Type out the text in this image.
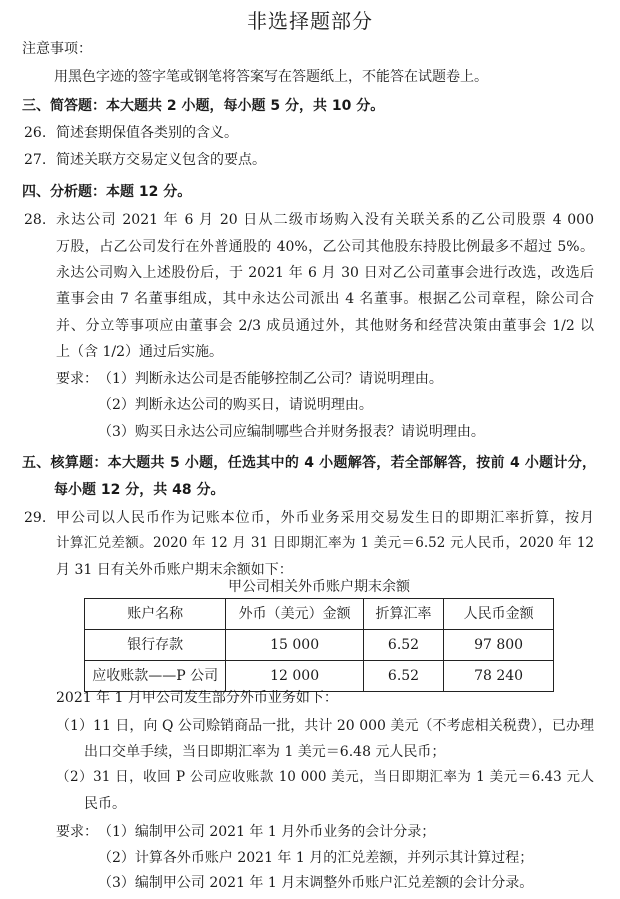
非选择题部分
注意事项：
用黑色字迹的签字笔或钢笔将答案写在答题纸上，不能答在试题卷上。
三、简答题：本大题共 2 小题，每小题 5 分，共 10 分。
26. 简述套期保值各类别的含义。
27. 简述关联方交易定义包含的要点。
四、分析题：本题 12 分。
28. 永达公司 2021 年 6 月 20 日从二级市场购入没有关联关系的乙公司股票 4 000
万股，占乙公司发行在外普通股的 40%，乙公司其他股东持股比例最多不超过 5%。
永达公司购入上述股份后，于 2021 年 6 月 30 日对乙公司董事会进行改选，改选后
董事会由 7 名董事组成，其中永达公司派出 4 名董事。根据乙公司章程，除公司合
并、分立等事项应由董事会 2/3 成员通过外，其他财务和经营决策由董事会 1/2 以
上（含 1/2）通过后实施。
要求： （1）判断永达公司是否能够控制乙公司？请说明理由。
（2）判断永达公司的购买日，请说明理由。
（3）购买日永达公司应编制哪些合并财务报表？请说明理由。
五、核算题：本大题共 5 小题，任选其中的 4 小题解答，若全部解答，按前 4 小题计分，
每小题 12 分，共 48 分。
29. 甲公司以人民币作为记账本位币，外币业务采用交易发生日的即期汇率折算，按月
计算汇兑差额。2020 年 12 月 31 日即期汇率为 1 美元＝6.52 元人民币，2020 年 12
月 31 日有关外币账户期末余额如下：
甲公司相关外币账户期末余额
账户名称	外币（美元）金额	折算汇率	人民币金额
银行存款	15 000	6.52	97 800
应收账款——P 公司	12 000	6.52	78 240
2021 年 1 月甲公司发生部分外币业务如下：
（1）11 日，向 Q 公司赊销商品一批，共计 20 000 美元（不考虑相关税费），已办理
出口交单手续，当日即期汇率为 1 美元＝6.48 元人民币；
（2）31 日，收回 P 公司应收账款 10 000 美元，当日即期汇率为 1 美元＝6.43 元人
民币。
要求： （1）编制甲公司 2021 年 1 月外币业务的会计分录；
（2）计算各外币账户 2021 年 1 月的汇兑差额，并列示其计算过程；
（3）编制甲公司 2021 年 1 月末调整外币账户汇兑差额的会计分录。
